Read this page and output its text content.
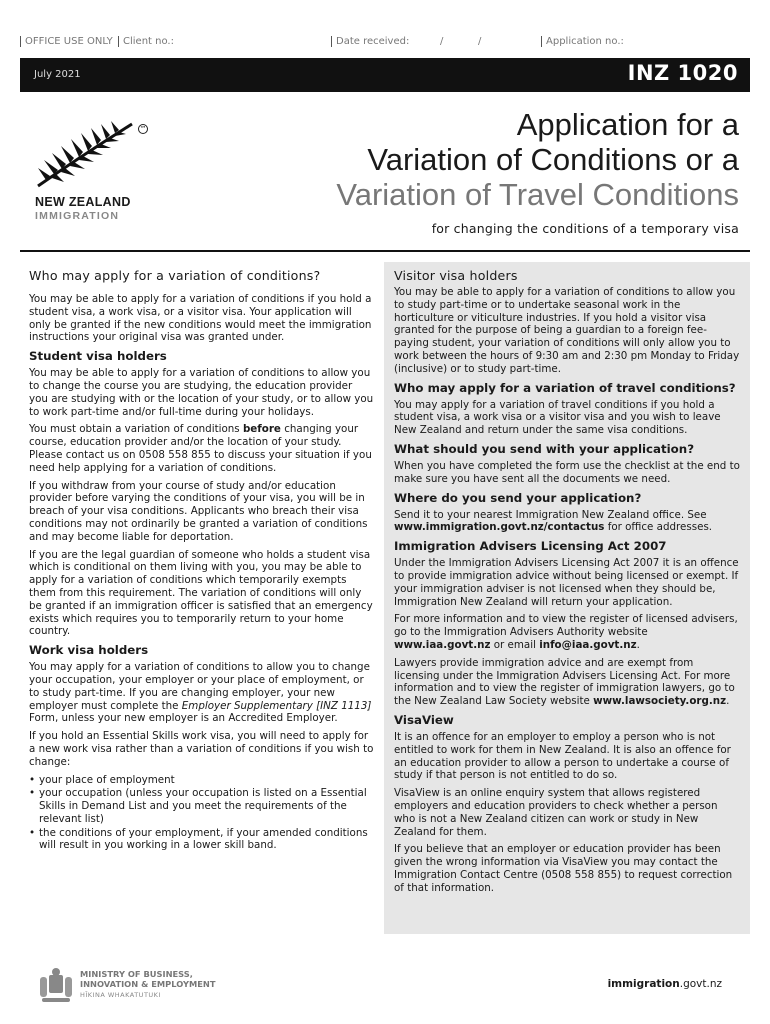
OFFICE USE ONLY	Client no.:	Date received:	/	/	Application no.:
July 2021	INZ 1020
™
NEW ZEALAND
IMMIGRATION
Application for a
Variation of Conditions or a
Variation of Travel Conditions
for changing the conditions of a temporary visa
Who may apply for a variation of conditions?

You may be able to apply for a variation of conditions if you hold a student visa, a work visa, or a visitor visa. Your application will only be granted if the new conditions would meet the immigration instructions your original visa was granted under.

Student visa holders

You may be able to apply for a variation of conditions to allow you to change the course you are studying, the education provider you are studying with or the location of your study, or to allow you to work part-time and/or full-time during your holidays.

You must obtain a variation of conditions before changing your course, education provider and/or the location of your study. Please contact us on 0508 558 855 to discuss your situation if you need help applying for a variation of conditions.

If you withdraw from your course of study and/or education provider before varying the conditions of your visa, you will be in breach of your visa conditions. Applicants who breach their visa conditions may not ordinarily be granted a variation of conditions and may become liable for deportation.

If you are the legal guardian of someone who holds a student visa which is conditional on them living with you, you may be able to apply for a variation of conditions which temporarily exempts them from this requirement. The variation of conditions will only be granted if an immigration officer is satisfied that an emergency exists which requires you to temporarily return to your home country.

Work visa holders

You may apply for a variation of conditions to allow you to change your occupation, your employer or your place of employment, or to study part-time. If you are changing employer, your new employer must complete the Employer Supplementary [INZ 1113] Form, unless your new employer is an Accredited Employer.

If you hold an Essential Skills work visa, you will need to apply for a new work visa rather than a variation of conditions if you wish to change:

• your place of employment
• your occupation (unless your occupation is listed on a Essential Skills in Demand List and you meet the requirements of the relevant list)
• the conditions of your employment, if your amended conditions will result in you working in a lower skill band.
Visitor visa holders

You may be able to apply for a variation of conditions to allow you to study part-time or to undertake seasonal work in the horticulture or viticulture industries. If you hold a visitor visa granted for the purpose of being a guardian to a foreign fee-paying student, your variation of conditions will only allow you to work between the hours of 9:30 am and 2:30 pm Monday to Friday (inclusive) or to study part-time.

Who may apply for a variation of travel conditions?

You may apply for a variation of travel conditions if you hold a student visa, a work visa or a visitor visa and you wish to leave New Zealand and return under the same visa conditions.

What should you send with your application?

When you have completed the form use the checklist at the end to make sure you have sent all the documents we need.

Where do you send your application?

Send it to your nearest Immigration New Zealand office. See www.immigration.govt.nz/contactus for office addresses.

Immigration Advisers Licensing Act 2007

Under the Immigration Advisers Licensing Act 2007 it is an offence to provide immigration advice without being licensed or exempt. If your immigration adviser is not licensed when they should be, Immigration New Zealand will return your application.

For more information and to view the register of licensed advisers, go to the Immigration Advisers Authority website www.iaa.govt.nz or email info@iaa.govt.nz.

Lawyers provide immigration advice and are exempt from licensing under the Immigration Advisers Licensing Act. For more information and to view the register of immigration lawyers, go to the New Zealand Law Society website www.lawsociety.org.nz.

VisaView

It is an offence for an employer to employ a person who is not entitled to work for them in New Zealand. It is also an offence for an education provider to allow a person to undertake a course of study if that person is not entitled to do so.

VisaView is an online enquiry system that allows registered employers and education providers to check whether a person who is not a New Zealand citizen can work or study in New Zealand for them.

If you believe that an employer or education provider has been given the wrong information via VisaView you may contact the Immigration Contact Centre (0508 558 855) to request correction of that information.

MINISTRY OF BUSINESS,
INNOVATION & EMPLOYMENT
HĪKINA WHAKATUTUKI
immigration.govt.nz
